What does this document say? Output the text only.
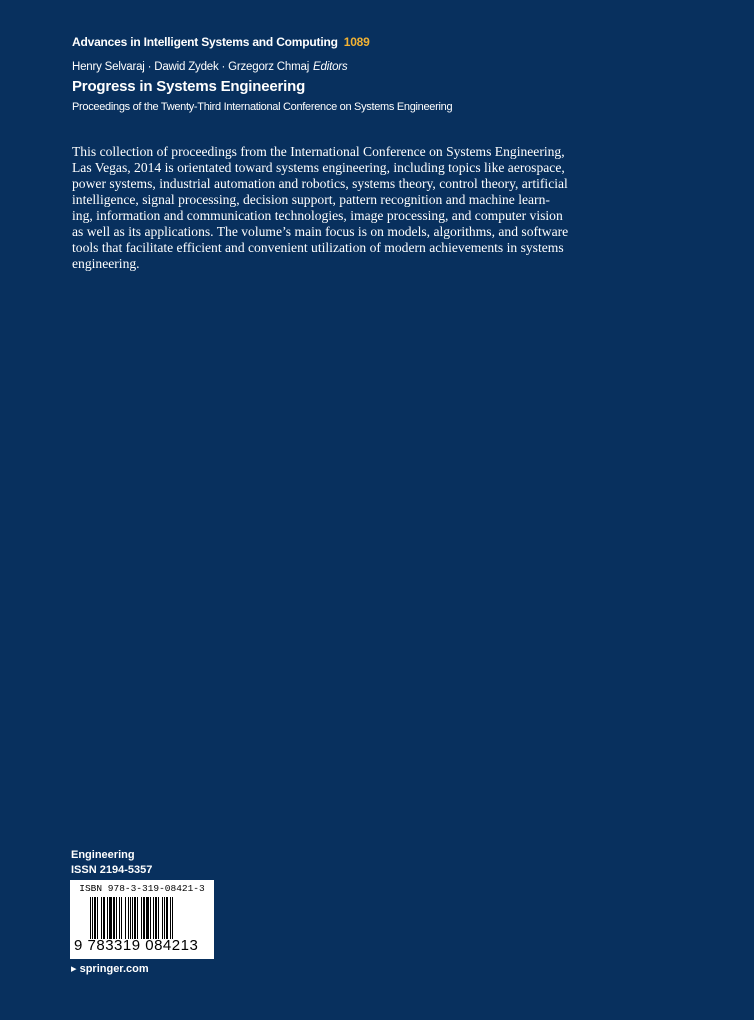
Advances in Intelligent Systems and Computing 1089
Henry Selvaraj · Dawid Zydek · Grzegorz Chmaj Editors
Progress in Systems Engineering
Proceedings of the Twenty-Third International Conference on Systems Engineering
This collection of proceedings from the International Conference on Systems Engineering,
Las Vegas, 2014 is orientated toward systems engineering, including topics like aerospace,
power systems, industrial automation and robotics, systems theory, control theory, artificial
intelligence, signal processing, decision support, pattern recognition and machine learn-
ing, information and communication technologies, image processing, and computer vision
as well as its applications. The volume’s main focus is on models, algorithms, and software
tools that facilitate efficient and convenient utilization of modern achievements in systems
engineering.
Engineering
ISSN 2194-5357
ISBN 978-3-319-08421-3
9 783319 084213
▸ springer.com
